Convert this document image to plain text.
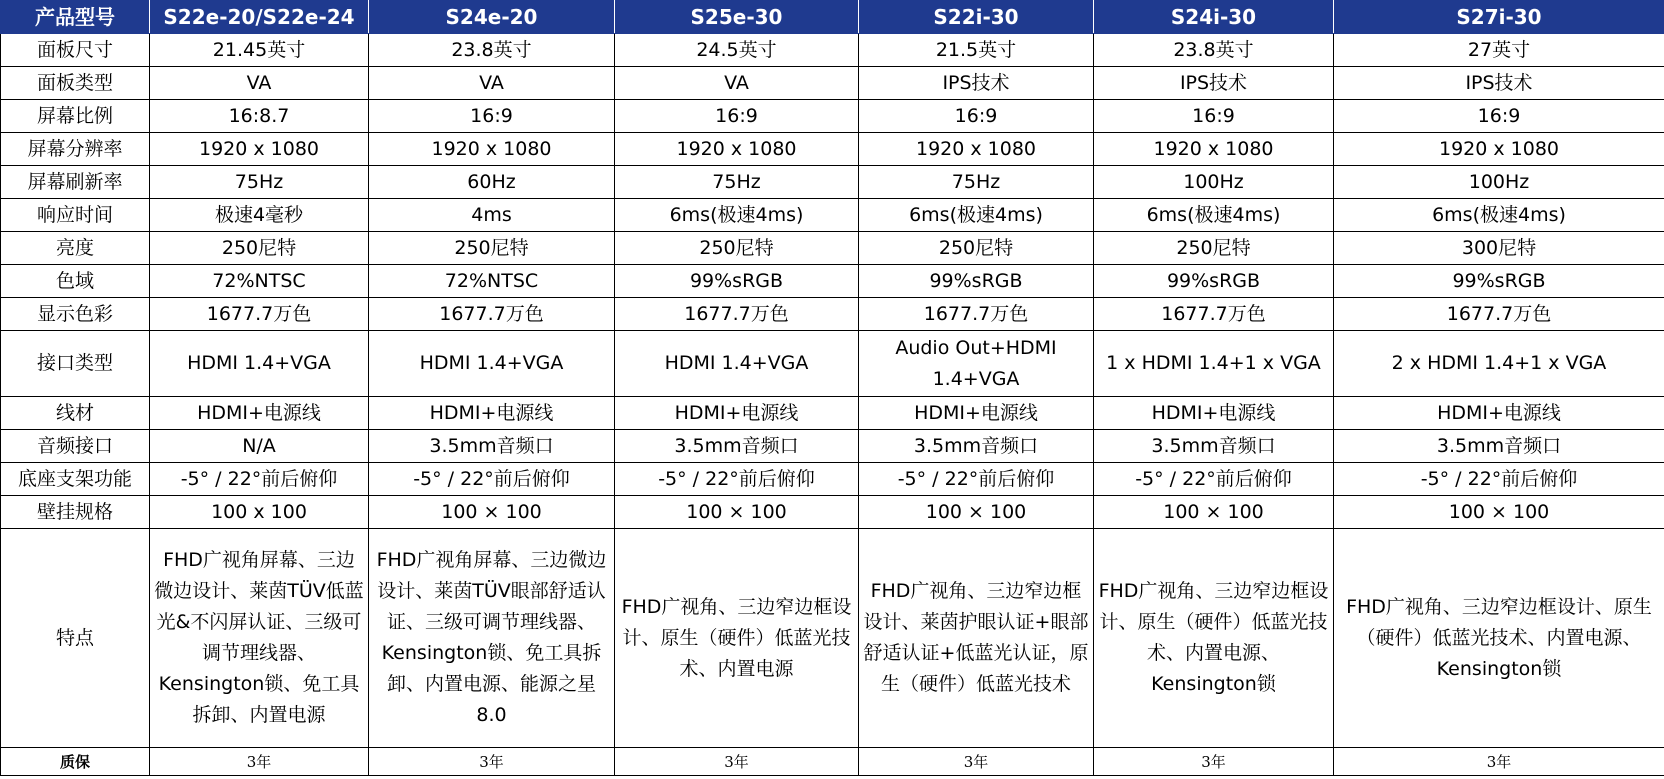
产品型号	S22e-20/S22e-24	S24e-20	S25e-30	S22i-30	S24i-30	S27i-30
面板尺寸	21.45英寸	23.8英寸	24.5英寸	21.5英寸	23.8英寸	27英寸
面板类型	VA	VA	VA	IPS技术	IPS技术	IPS技术
屏幕比例	16:8.7	16:9	16:9	16:9	16:9	16:9
屏幕分辨率	1920 x 1080	1920 x 1080	1920 x 1080	1920 x 1080	1920 x 1080	1920 x 1080
屏幕刷新率	75Hz	60Hz	75Hz	75Hz	100Hz	100Hz
响应时间	极速4毫秒	4ms	6ms(极速4ms)	6ms(极速4ms)	6ms(极速4ms)	6ms(极速4ms)
亮度	250尼特	250尼特	250尼特	250尼特	250尼特	300尼特
色域	72%NTSC	72%NTSC	99%sRGB	99%sRGB	99%sRGB	99%sRGB
显示色彩	1677.7万色	1677.7万色	1677.7万色	1677.7万色	1677.7万色	1677.7万色
接口类型	HDMI 1.4+VGA	HDMI 1.4+VGA	HDMI 1.4+VGA	Audio Out+HDMI 1.4+VGA	1 x HDMI 1.4+1 x VGA	2 x HDMI 1.4+1 x VGA
线材	HDMI+电源线	HDMI+电源线	HDMI+电源线	HDMI+电源线	HDMI+电源线	HDMI+电源线
音频接口	N/A	3.5mm音频口	3.5mm音频口	3.5mm音频口	3.5mm音频口	3.5mm音频口
底座支架功能	-5° / 22°前后俯仰	-5° / 22°前后俯仰	-5° / 22°前后俯仰	-5° / 22°前后俯仰	-5° / 22°前后俯仰	-5° / 22°前后俯仰
壁挂规格	100 x 100	100 × 100	100 × 100	100 × 100	100 × 100	100 × 100
特点	FHD广视角屏幕、三边微边设计、莱茵TÜV低蓝光&不闪屏认证、三级可调节理线器、Kensington锁、免工具拆卸、内置电源	FHD广视角屏幕、三边微边设计、莱茵TÜV眼部舒适认证、三级可调节理线器、Kensington锁、免工具拆卸、内置电源、能源之星8.0	FHD广视角、三边窄边框设计、原生（硬件）低蓝光技术、内置电源	FHD广视角、三边窄边框设计、莱茵护眼认证+眼部舒适认证+低蓝光认证，原生（硬件）低蓝光技术	FHD广视角、三边窄边框设计、原生（硬件）低蓝光技术、内置电源、Kensington锁	FHD广视角、三边窄边框设计、原生（硬件）低蓝光技术、内置电源、Kensington锁
质保	3年	3年	3年	3年	3年	3年
